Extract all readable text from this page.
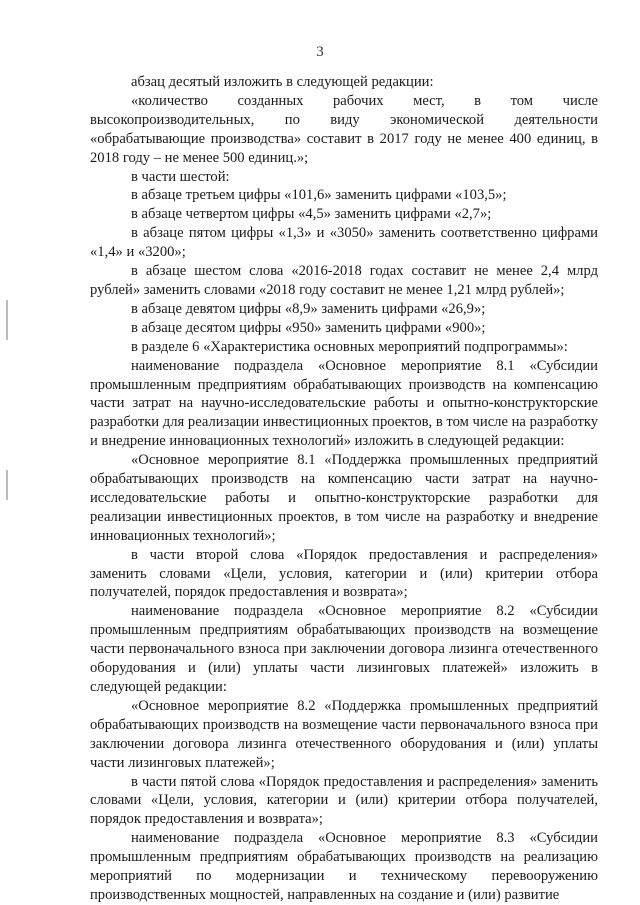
3

абзац десятый изложить в следующей редакции:

«количество созданных рабочих мест, в том числе высокопроизводительных, по виду экономической деятельности «обрабатывающие производства» составит в 2017 году не менее 400 единиц, в 2018 году – не менее 500 единиц.»;

в части шестой:

в абзаце третьем цифры «101,6» заменить цифрами «103,5»;

в абзаце четвертом цифры «4,5» заменить цифрами «2,7»;

в абзаце пятом цифры «1,3» и «3050» заменить соответственно цифрами «1,4» и «3200»;

в абзаце шестом слова «2016-2018 годах составит не менее 2,4 млрд рублей» заменить словами «2018 году составит не менее 1,21 млрд рублей»;

в абзаце девятом цифры «8,9» заменить цифрами «26,9»;

в абзаце десятом цифры «950» заменить цифрами «900»;

в разделе 6 «Характеристика основных мероприятий подпрограммы»:

наименование подраздела «Основное мероприятие 8.1 «Субсидии промышленным предприятиям обрабатывающих производств на компенсацию части затрат на научно-исследовательские работы и опытно-конструкторские разработки для реализации инвестиционных проектов, в том числе на разработку и внедрение инновационных технологий» изложить в следующей редакции:

«Основное мероприятие 8.1 «Поддержка промышленных предприятий обрабатывающих производств на компенсацию части затрат на научно-исследовательские работы и опытно-конструкторские разработки для реализации инвестиционных проектов, в том числе на разработку и внедрение инновационных технологий»;

в части второй слова «Порядок предоставления и распределения» заменить словами «Цели, условия, категории и (или) критерии отбора получателей, порядок предоставления и возврата»;

наименование подраздела «Основное мероприятие 8.2 «Субсидии промышленным предприятиям обрабатывающих производств на возмещение части первоначального взноса при заключении договора лизинга отечественного оборудования и (или) уплаты части лизинговых платежей» изложить в следующей редакции:

«Основное мероприятие 8.2 «Поддержка промышленных предприятий обрабатывающих производств на возмещение части первоначального взноса при заключении договора лизинга отечественного оборудования и (или) уплаты части лизинговых платежей»;

в части пятой слова «Порядок предоставления и распределения» заменить словами «Цели, условия, категории и (или) критерии отбора получателей, порядок предоставления и возврата»;

наименование подраздела «Основное мероприятие 8.3 «Субсидии промышленным предприятиям обрабатывающих производств на реализацию мероприятий по модернизации и техническому перевооружению производственных мощностей, направленных на создание и (или) развитие
